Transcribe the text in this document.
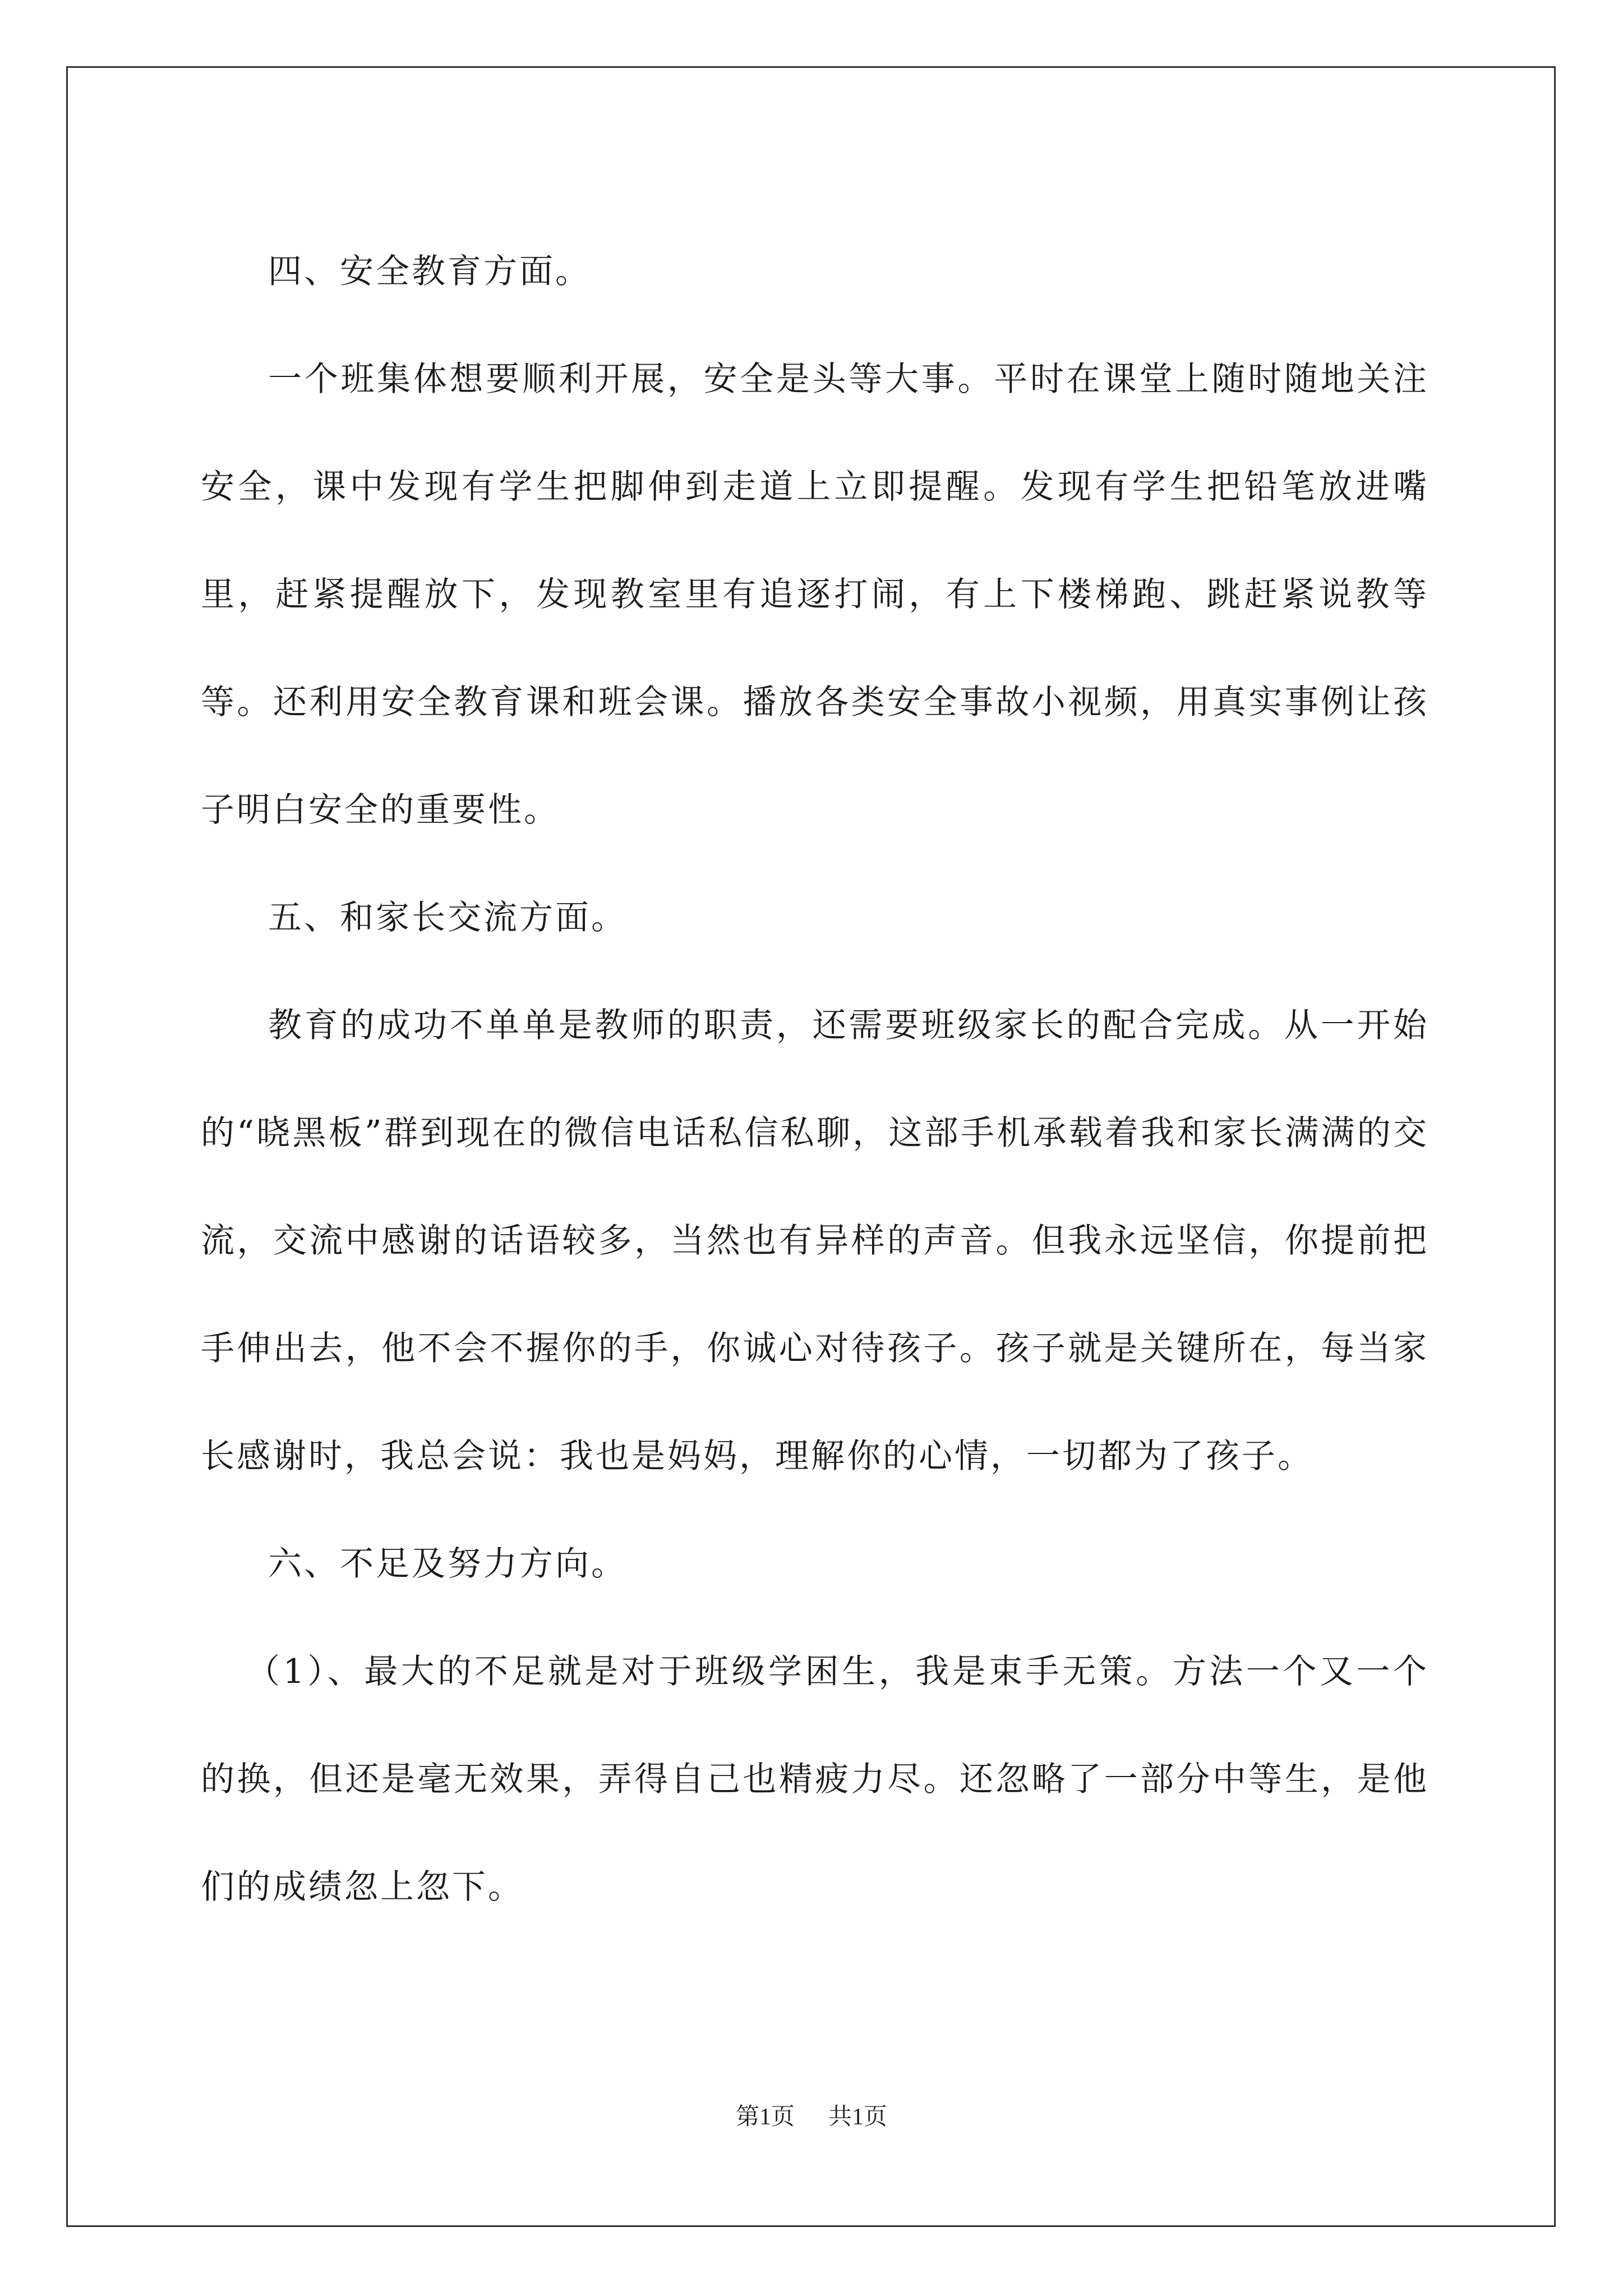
四、安全教育方面。

一个班集体想要顺利开展，安全是头等大事。平时在课堂上随时随地关注安全，课中发现有学生把脚伸到走道上立即提醒。发现有学生把铅笔放进嘴里，赶紧提醒放下，发现教室里有追逐打闹，有上下楼梯跑、跳赶紧说教等等。还利用安全教育课和班会课。播放各类安全事故小视频，用真实事例让孩子明白安全的重要性。

五、和家长交流方面。

教育的成功不单单是教师的职责，还需要班级家长的配合完成。从一开始的“晓黑板”群到现在的微信电话私信私聊，这部手机承载着我和家长满满的交流，交流中感谢的话语较多，当然也有异样的声音。但我永远坚信，你提前把手伸出去，他不会不握你的手，你诚心对待孩子。孩子就是关键所在，每当家长感谢时，我总会说：我也是妈妈，理解你的心情，一切都为了孩子。

六、不足及努力方向。

（1）、最大的不足就是对于班级学困生，我是束手无策。方法一个又一个的换，但还是毫无效果，弄得自己也精疲力尽。还忽略了一部分中等生，是他们的成绩忽上忽下。

第1页 共1页
